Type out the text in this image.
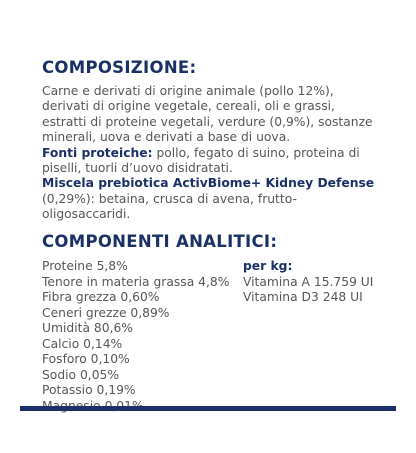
COMPOSIZIONE:

Carne e derivati di origine animale (pollo 12%), derivati di origine vegetale, cereali, oli e grassi, estratti di proteine vegetali, verdure (0,9%), sostanze minerali, uova e derivati a base di uova.

Fonti proteiche: pollo, fegato di suino, proteina di piselli, tuorli d’uovo disidratati.

Miscela prebiotica ActivBiome+ Kidney Defense (0,29%): betaina, crusca di avena, frutto-oligosaccaridi.

COMPONENTI ANALITICI:
Proteine 5,8%
Tenore in materia grassa 4,8%
Fibra grezza 0,60%
Ceneri grezze 0,89%
Umidità 80,6%
Calcio 0,14%
Fosforo 0,10%
Sodio 0,05%
Potassio 0,19%
per kg:
Vitamina A 15.759 UI
Vitamina D3 248 UI
